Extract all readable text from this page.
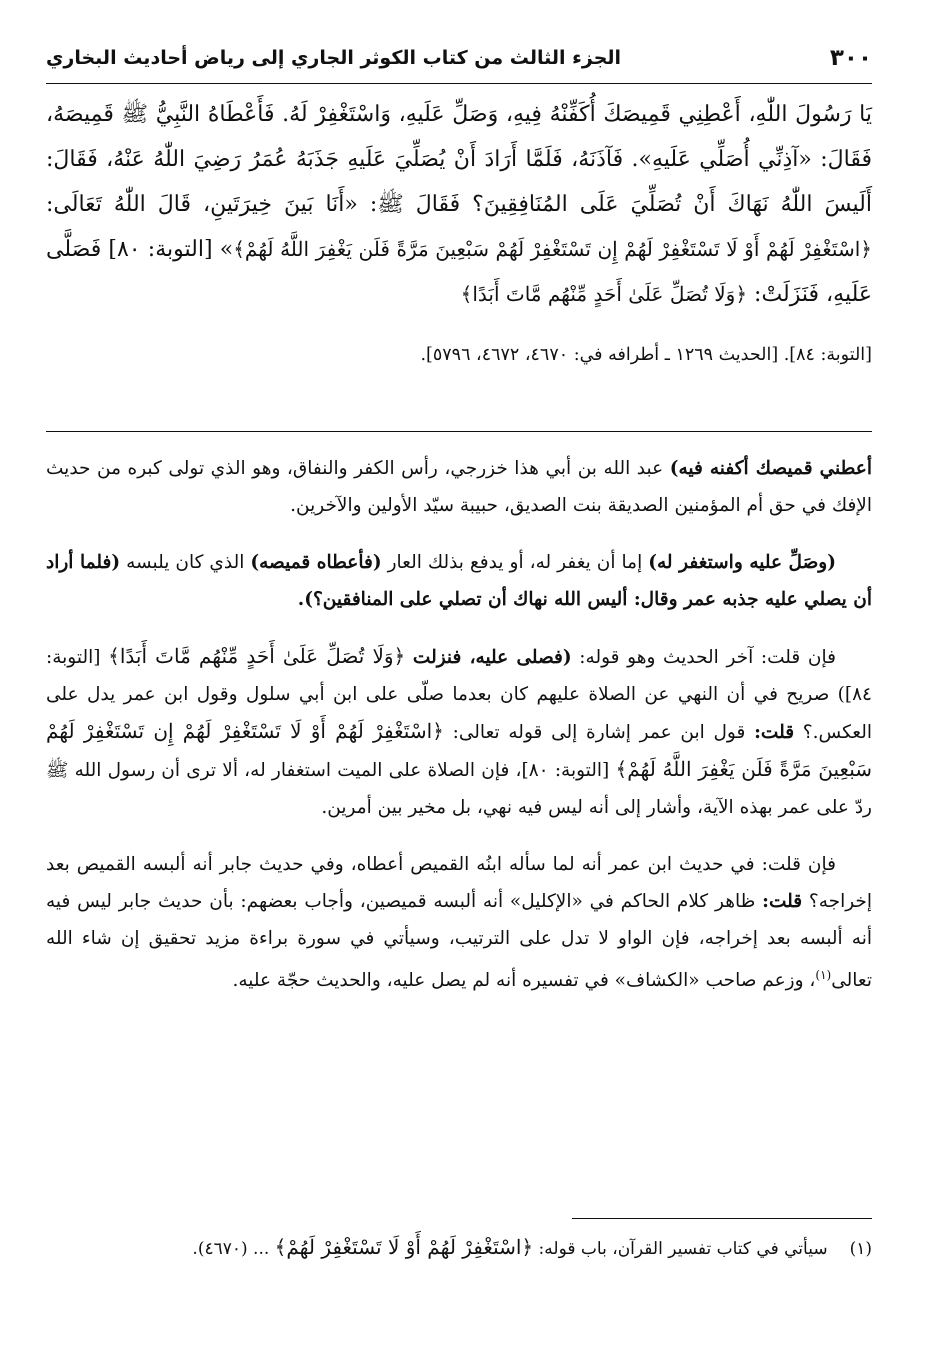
٣٠٠
الجزء الثالث من كتاب الكوثر الجاري إلى رياض أحاديث البخاري

يَا رَسُولَ اللّٰهِ، أَعْطِنِي قَمِيصَكَ أُكَفِّنْهُ فِيهِ، وَصَلِّ عَلَيهِ، وَاسْتَغْفِرْ لَهُ. فَأَعْطَاهُ النَّبِيُّ ﷺ قَمِيصَهُ، فَقَالَ: «آذِنِّي أُصَلِّي عَلَيهِ». فَآذَنَهُ، فَلَمَّا أَرَادَ أَنْ يُصَلِّيَ عَلَيهِ جَذَبَهُ عُمَرُ رَضِيَ اللّٰهُ عَنْهُ، فَقَالَ: أَلَيسَ اللّٰهُ نَهَاكَ أَنْ تُصَلِّيَ عَلَى المُنَافِقِينَ؟ فَقَالَ ﷺ: «أَنَا بَينَ خِيرَتَينِ، قَالَ اللّٰهُ تَعَالَى: ﴿اسْتَغْفِرْ لَهُمْ أَوْ لَا تَسْتَغْفِرْ لَهُمْ إِن تَسْتَغْفِرْ لَهُمْ سَبْعِينَ مَرَّةً فَلَن يَغْفِرَ اللَّهُ لَهُمْ﴾» [التوبة: ٨٠] فَصَلَّى عَلَيهِ، فَنَزَلَتْ: ﴿وَلَا تُصَلِّ عَلَىٰ أَحَدٍ مِّنْهُم مَّاتَ أَبَدًا﴾

[التوبة: ٨٤]. [الحديث ١٢٦٩ ـ أطرافه في: ٤٦٧٠، ٤٦٧٢، ٥٧٩٦].

أعطني قميصك أكفنه فيه) عبد الله بن أبي هذا خزرجي، رأس الكفر والنفاق، وهو الذي تولى كبره من حديث الإفك في حق أم المؤمنين الصديقة بنت الصديق، حبيبة سيّد الأولين والآخرين.

(وصَلِّ عليه واستغفر له) إما أن يغفر له، أو يدفع بذلك العار (فأعطاه قميصه) الذي كان يلبسه (فلما أراد أن يصلي عليه جذبه عمر وقال: أليس الله نهاك أن تصلي على المنافقين؟).

فإن قلت: آخر الحديث وهو قوله: (فصلى عليه، فنزلت ﴿وَلَا تُصَلِّ عَلَىٰ أَحَدٍ مِّنْهُم مَّاتَ أَبَدًا﴾ [التوبة: ٨٤]) صريح في أن النهي عن الصلاة عليهم كان بعدما صلّى على ابن أبي سلول وقول ابن عمر يدل على العكس.؟ قلت: قول ابن عمر إشارة إلى قوله تعالى: ﴿اسْتَغْفِرْ لَهُمْ أَوْ لَا تَسْتَغْفِرْ لَهُمْ إِن تَسْتَغْفِرْ لَهُمْ سَبْعِينَ مَرَّةً فَلَن يَغْفِرَ اللَّهُ لَهُمْ﴾ [التوبة: ٨٠]، فإن الصلاة على الميت استغفار له، ألا ترى أن رسول الله ﷺ ردّ على عمر بهذه الآية، وأشار إلى أنه ليس فيه نهي، بل مخير بين أمرين.

فإن قلت: في حديث ابن عمر أنه لما سأله ابنُه القميص أعطاه، وفي حديث جابر أنه ألبسه القميص بعد إخراجه؟ قلت: ظاهر كلام الحاكم في «الإكليل» أنه ألبسه قميصين، وأجاب بعضهم: بأن حديث جابر ليس فيه أنه ألبسه بعد إخراجه، فإن الواو لا تدل على الترتيب، وسيأتي في سورة براءة مزيد تحقيق إن شاء الله تعالى$^{(١)}$، وزعم صاحب «الكشاف» في تفسيره أنه لم يصل عليه، والحديث حجّة عليه.

(١)سيأتي في كتاب تفسير القرآن، باب قوله: ﴿اسْتَغْفِرْ لَهُمْ أَوْ لَا تَسْتَغْفِرْ لَهُمْ﴾ ... (٤٦٧٠).
